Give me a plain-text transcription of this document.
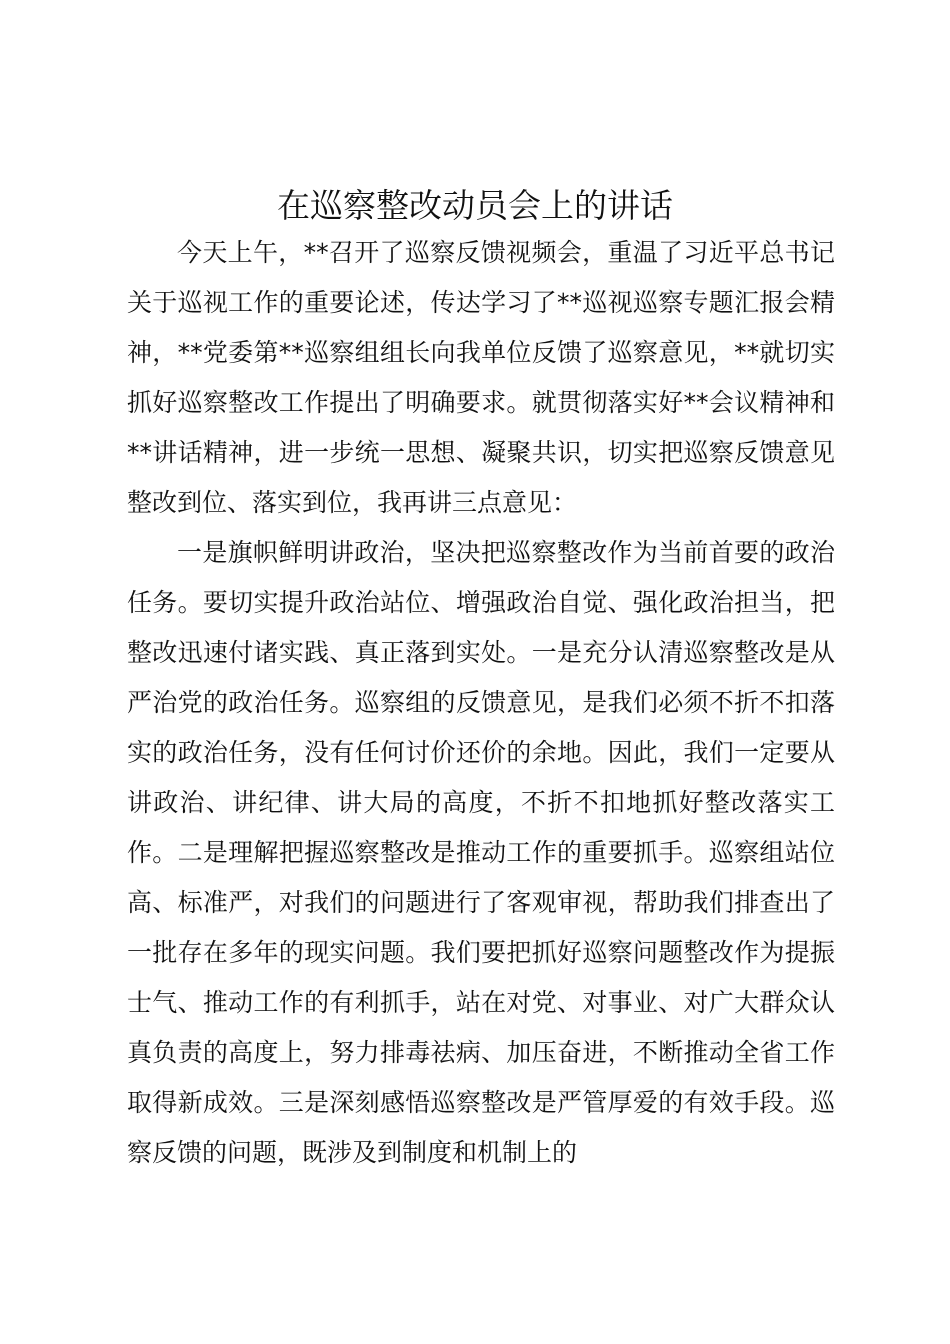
在巡察整改动员会上的讲话

今天上午，**召开了巡察反馈视频会，重温了习近平总书记关于巡视工作的重要论述，传达学习了**巡视巡察专题汇报会精神，**党委第**巡察组组长向我单位反馈了巡察意见，**就切实抓好巡察整改工作提出了明确要求。就贯彻落实好**会议精神和**讲话精神，进一步统一思想、凝聚共识，切实把巡察反馈意见整改到位、落实到位，我再讲三点意见：

一是旗帜鲜明讲政治，坚决把巡察整改作为当前首要的政治任务。要切实提升政治站位、增强政治自觉、强化政治担当，把整改迅速付诸实践、真正落到实处。一是充分认清巡察整改是从严治党的政治任务。巡察组的反馈意见，是我们必须不折不扣落实的政治任务，没有任何讨价还价的余地。因此，我们一定要从讲政治、讲纪律、讲大局的高度，不折不扣地抓好整改落实工作。二是理解把握巡察整改是推动工作的重要抓手。巡察组站位高、标准严，对我们的问题进行了客观审视，帮助我们排查出了一批存在多年的现实问题。我们要把抓好巡察问题整改作为提振士气、推动工作的有利抓手，站在对党、对事业、对广大群众认真负责的高度上，努力排毒祛病、加压奋进，不断推动全省工作取得新成效。三是深刻感悟巡察整改是严管厚爱的有效手段。巡察反馈的问题，既涉及到制度和机制上的
